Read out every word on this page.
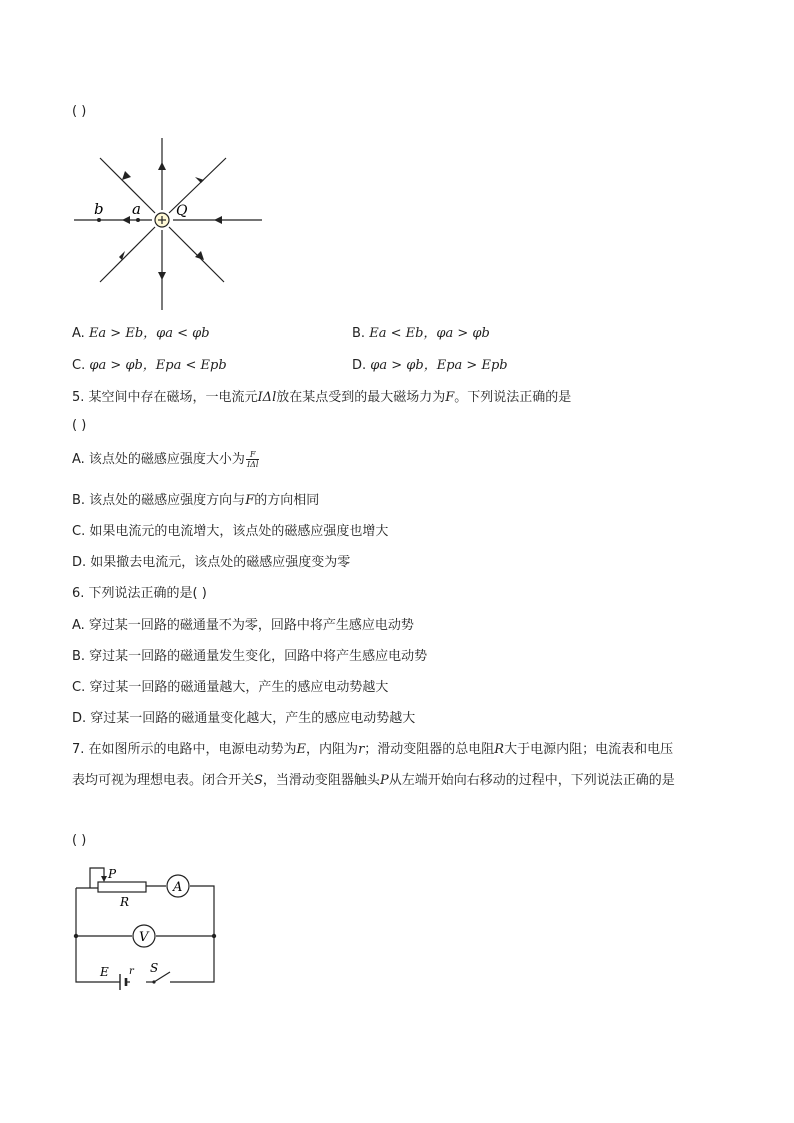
( )
b a	Q
A. Ea > Eb，φa < φb	B. Ea < Eb，φa > φb
C. φa > φb，Epa < Epb	D. φa > φb，Epa > Epb
5. 某空间中存在磁场，一电流元IΔl放在某点受到的最大磁场力为F。下列说法正确的是
( )
A. 该点处的磁感应强度大小为 $\frac{F}{\text{IΔl}}$
B. 该点处的磁感应强度方向与F的方向相同
C. 如果电流元的电流增大，该点处的磁感应强度也增大
D. 如果撤去电流元，该点处的磁感应强度变为零
6. 下列说法正确的是( )
A. 穿过某一回路的磁通量不为零，回路中将产生感应电动势
B. 穿过某一回路的磁通量发生变化，回路中将产生感应电动势
C. 穿过某一回路的磁通量越大，产生的感应电动势越大
D. 穿过某一回路的磁通量变化越大，产生的感应电动势越大
7. 在如图所示的电路中，电源电动势为E，内阻为r；滑动变阻器的总电阻R大于电源内阻；电流表和电压
表均可视为理想电表。闭合开关S，当滑动变阻器触头P从左端开始向右移动的过程中，下列说法正确的是
( )
A
V
P
R
E r S
